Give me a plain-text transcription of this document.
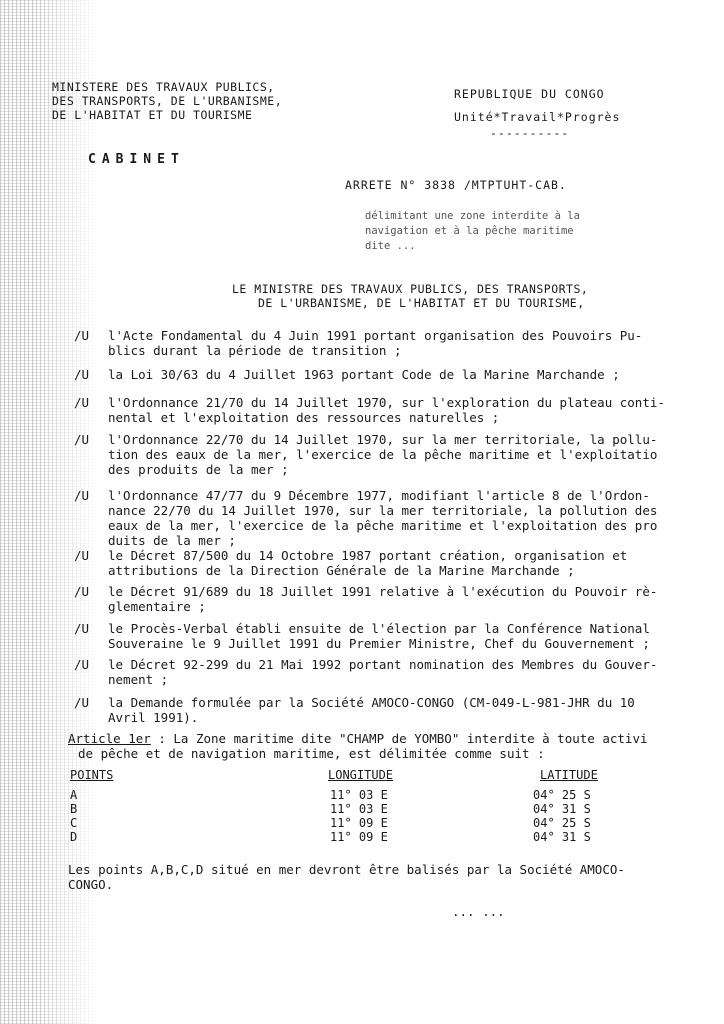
MINISTERE DES TRAVAUX PUBLICS,
DES TRANSPORTS, DE L'URBANISME,
DE L'HABITAT ET DU TOURISME
CABINET
REPUBLIQUE DU CONGO
Unité*Travail*Progrès
----------
ARRETE N° 3838 /MTPTUHT-CAB.
délimitant une zone interdite à la
navigation et à la pêche maritime
dite ...
LE MINISTRE DES TRAVAUX PUBLICS, DES TRANSPORTS,
DE L'URBANISME, DE L'HABITAT ET DU TOURISME,
/U l'Acte Fondamental du 4 Juin 1991 portant organisation des Pouvoirs Pu-
blics durant la période de transition ;
/U la Loi 30/63 du 4 Juillet 1963 portant Code de la Marine Marchande ;
/U l'Ordonnance 21/70 du 14 Juillet 1970, sur l'exploration du plateau conti-
nental et l'exploitation des ressources naturelles ;
/U l'Ordonnance 22/70 du 14 Juillet 1970, sur la mer territoriale, la pollu-
tion des eaux de la mer, l'exercice de la pêche maritime et l'exploitatio
des produits de la mer ;
/U l'Ordonnance 47/77 du 9 Décembre 1977, modifiant l'article 8 de l'Ordon-
nance 22/70 du 14 Juillet 1970, sur la mer territoriale, la pollution des
eaux de la mer, l'exercice de la pêche maritime et l'exploitation des pro
duits de la mer ;
/U le Décret 87/500 du 14 Octobre 1987 portant création, organisation et
attributions de la Direction Générale de la Marine Marchande ;
/U le Décret 91/689 du 18 Juillet 1991 relative à l'exécution du Pouvoir rè-
glementaire ;
/U le Procès-Verbal établi ensuite de l'élection par la Conférence National
Souveraine le 9 Juillet 1991 du Premier Ministre, Chef du Gouvernement ;
/U le Décret 92-299 du 21 Mai 1992 portant nomination des Membres du Gouver-
nement ;
/U la Demande formulée par la Société AMOCO-CONGO (CM-049-L-981-JHR du 10
Avril 1991).
Article 1er : La Zone maritime dite "CHAMP de YOMBO" interdite à toute activi
de pêche et de navigation maritime, est délimitée comme suit :
POINTS	LONGITUDE	LATITUDE
A	11° 03 E	04° 25 S
B	11° 03 E	04° 31 S
C	11° 09 E	04° 25 S
D	11° 09 E	04° 31 S
Les points A,B,C,D situé en mer devront être balisés par la Société AMOCO-
CONGO.
... ...
